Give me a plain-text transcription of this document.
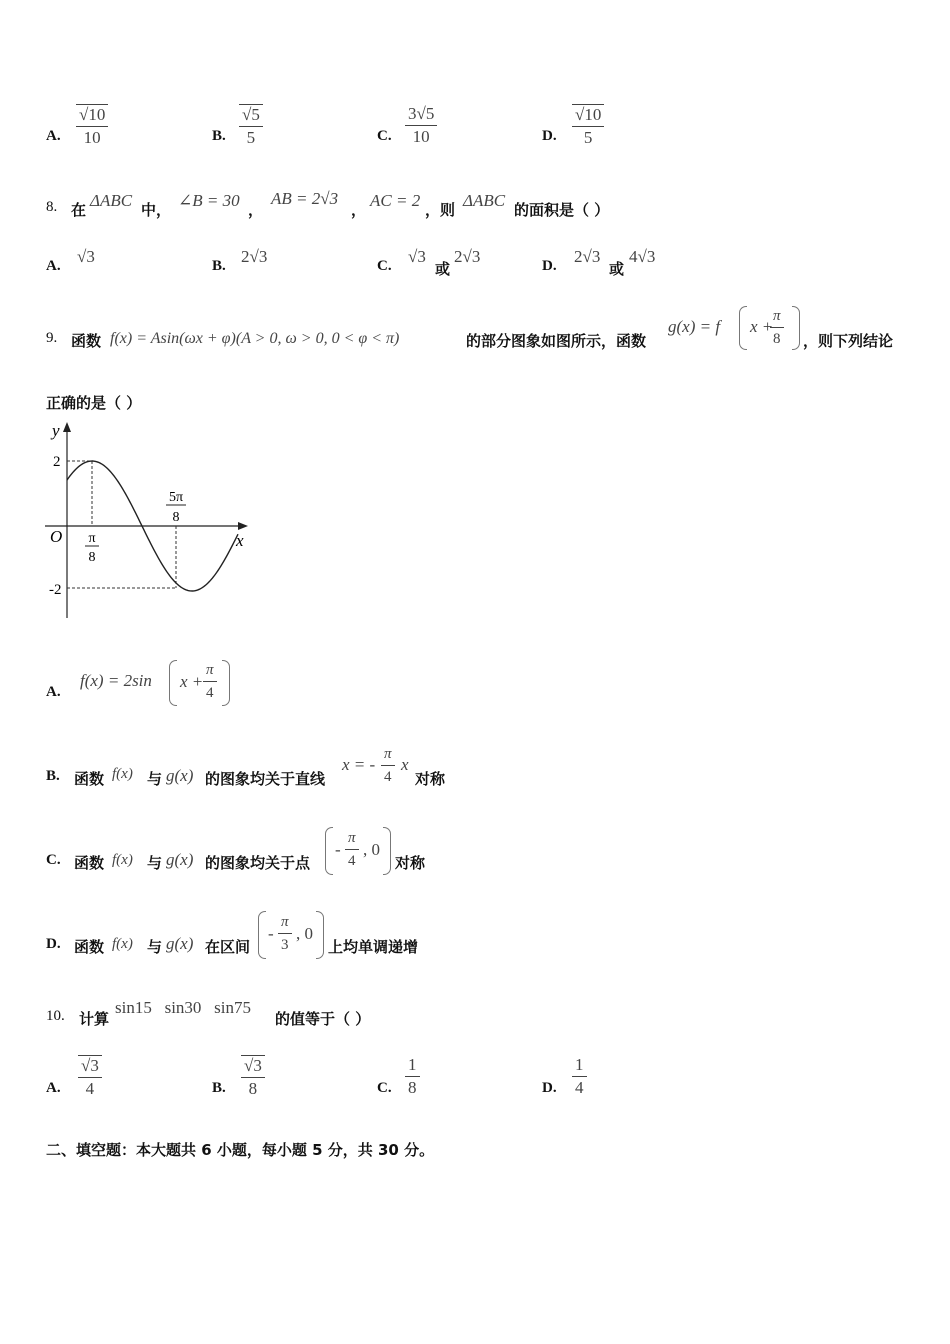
A. $\frac{√10}{10}$	B. $\frac{√5}{5}$	C. $\frac{3√5}{10}$	D. $\frac{√10}{5}$
8. 在 ΔABC 中， ∠B = 30 ，
AB = 2√3
， AC = 2 ，则 ΔABC 的面积是（ ）
A. √3	B. 2√3	C. √3
或
2√3	D. 2√3
或
4√3
9. 函数 f(x) = Asin(ωx + φ)(A > 0, ω > 0, 0 < φ < π)	的部分图象如图所示，函数
g(x) = f x +
$\frac{\pi}{8}$ ，则下列结论
正确的是（ ）
y
x
O
2
-2
π
8
5π
8
A.
f(x) = 2sin $x + \frac{\pi}{4}$
B. 函数 f(x) 与 g(x) 的图象均关于直线
x = - $\frac{\pi}{4}$ x
对称
C. 函数 f(x) 与 g(x) 的图象均关于点
- $\frac{\pi}{4}$ , 0
对称
D. 函数 f(x) 与 g(x) 在区间
- $\frac{\pi}{3}$ , 0
上均单调递增
10. 计算
sin15   sin30   sin75
的值等于（ ）
A. $\frac{√3}{4}$	B. $\frac{√3}{8}$	C. $\frac{1}{8}$	D. $\frac{1}{4}$
二、填空题：本大题共 6 小题，每小题 5 分，共 30 分。
